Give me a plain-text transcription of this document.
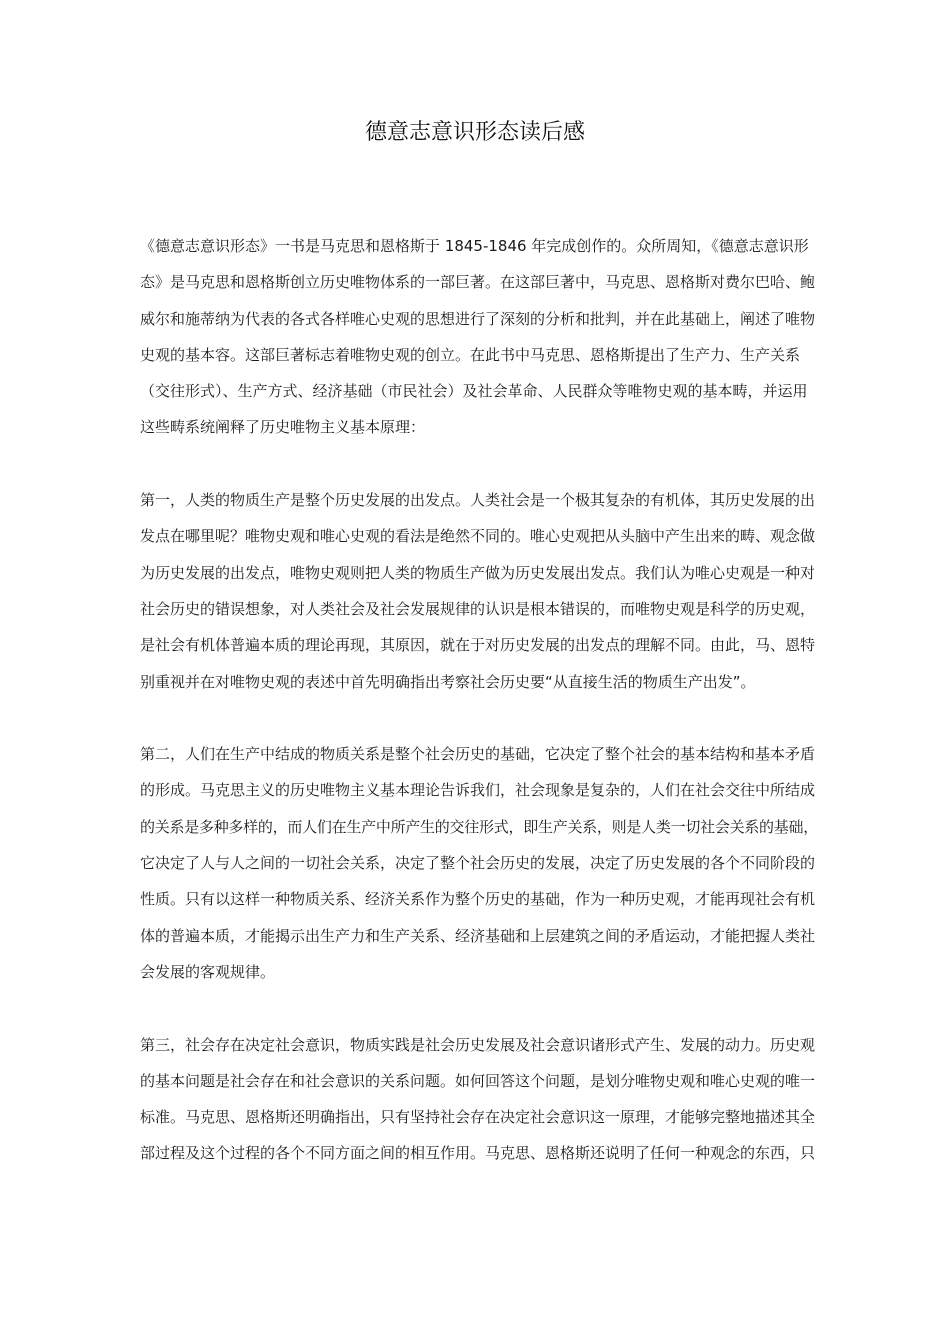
德意志意识形态读后感
《德意志意识形态》一书是马克思和恩格斯于 1845-1846 年完成创作的。众所周知，《德意志意识形
态》是马克思和恩格斯创立历史唯物体系的一部巨著。在这部巨著中，马克思、恩格斯对费尔巴哈、鲍
威尔和施蒂纳为代表的各式各样唯心史观的思想进行了深刻的分析和批判，并在此基础上，阐述了唯物
史观的基本容。这部巨著标志着唯物史观的创立。在此书中马克思、恩格斯提出了生产力、生产关系
（交往形式）、生产方式、经济基础（市民社会）及社会革命、人民群众等唯物史观的基本畴，并运用
这些畴系统阐释了历史唯物主义基本原理：
第一，人类的物质生产是整个历史发展的出发点。人类社会是一个极其复杂的有机体，其历史发展的出
发点在哪里呢？唯物史观和唯心史观的看法是绝然不同的。唯心史观把从头脑中产生出来的畴、观念做
为历史发展的出发点，唯物史观则把人类的物质生产做为历史发展出发点。我们认为唯心史观是一种对
社会历史的错误想象，对人类社会及社会发展规律的认识是根本错误的，而唯物史观是科学的历史观，
是社会有机体普遍本质的理论再现，其原因，就在于对历史发展的出发点的理解不同。由此，马、恩特
别重视并在对唯物史观的表述中首先明确指出考察社会历史要“从直接生活的物质生产出发”。
第二，人们在生产中结成的物质关系是整个社会历史的基础，它决定了整个社会的基本结构和基本矛盾
的形成。马克思主义的历史唯物主义基本理论告诉我们，社会现象是复杂的，人们在社会交往中所结成
的关系是多种多样的，而人们在生产中所产生的交往形式，即生产关系，则是人类一切社会关系的基础，
它决定了人与人之间的一切社会关系，决定了整个社会历史的发展，决定了历史发展的各个不同阶段的
性质。只有以这样一种物质关系、经济关系作为整个历史的基础，作为一种历史观，才能再现社会有机
体的普遍本质，才能揭示出生产力和生产关系、经济基础和上层建筑之间的矛盾运动，才能把握人类社
会发展的客观规律。
第三，社会存在决定社会意识，物质实践是社会历史发展及社会意识诸形式产生、发展的动力。历史观
的基本问题是社会存在和社会意识的关系问题。如何回答这个问题，是划分唯物史观和唯心史观的唯一
标准。马克思、恩格斯还明确指出，只有坚持社会存在决定社会意识这一原理，才能够完整地描述其全
部过程及这个过程的各个不同方面之间的相互作用。马克思、恩格斯还说明了任何一种观念的东西，只
